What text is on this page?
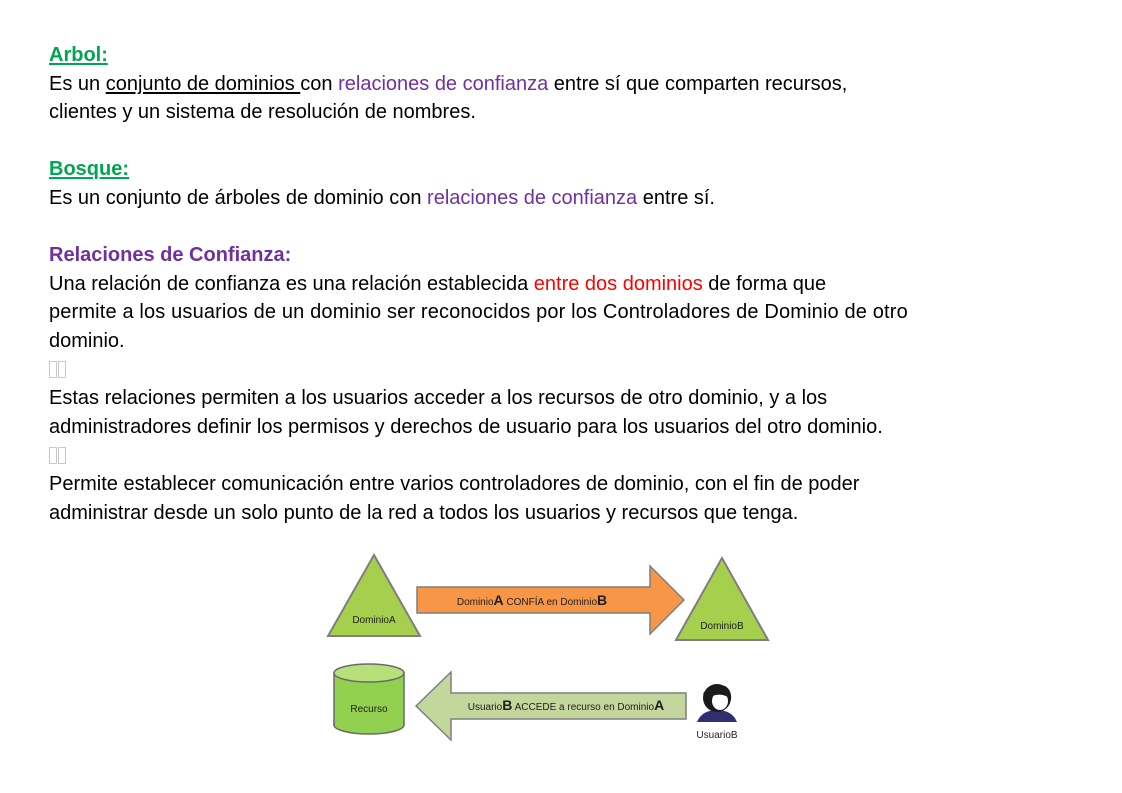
Arbol:

Es un conjunto de dominios con relaciones de confianza entre sí que comparten recursos,

clientes y un sistema de resolución de nombres.

Bosque:

Es un conjunto de árboles de dominio con relaciones de confianza entre sí.

Relaciones de Confianza:

Una relación de confianza es una relación establecida entre dos dominios de forma que

permite a los usuarios de un dominio ser reconocidos por los Controladores de Dominio de otro

dominio.

Estas relaciones permiten a los usuarios acceder a los recursos de otro dominio, y a los

administradores definir los permisos y derechos de usuario para los usuarios del otro dominio.

Permite establecer comunicación entre varios controladores de dominio, con el fin de poder

administrar desde un solo punto de la red a todos los usuarios y recursos que tenga.

DominioA
DominioA CONFÍA en DominioB
DominioB
Recurso	UsuarioB ACCEDE a recurso en DominioA
UsuarioB
